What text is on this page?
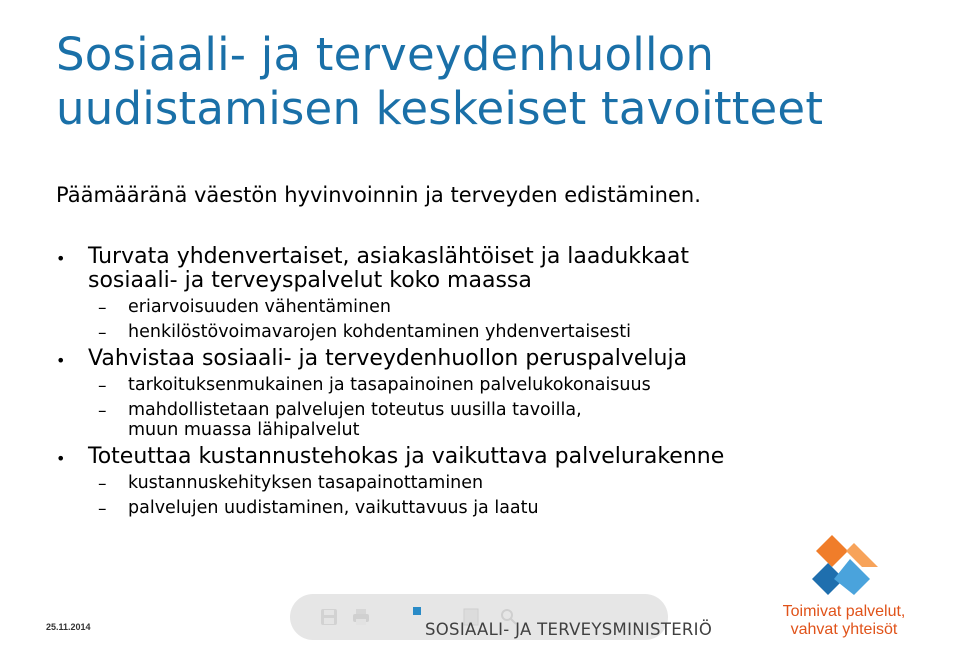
Sosiaali- ja terveydenhuollon
uudistamisen keskeiset tavoitteet
Päämääränä väestön hyvinvoinnin ja terveyden edistäminen.
• Turvata yhdenvertaiset, asiakaslähtöiset ja laadukkaat
sosiaali- ja terveyspalvelut koko maassa
– eriarvoisuuden vähentäminen
– henkilöstövoimavarojen kohdentaminen yhdenvertaisesti
• Vahvistaa sosiaali- ja terveydenhuollon peruspalveluja
– tarkoituksenmukainen ja tasapainoinen palvelukokonaisuus
– mahdollistetaan palvelujen toteutus uusilla tavoilla,
muun muassa lähipalvelut
• Toteuttaa kustannustehokas ja vaikuttava palvelurakenne
– kustannuskehityksen tasapainottaminen
– palvelujen uudistaminen, vaikuttavuus ja laatu
25.11.2014	SOSIAALI- JA TERVEYSMINISTERIÖ
Toimivat palvelut,
vahvat yhteisöt
